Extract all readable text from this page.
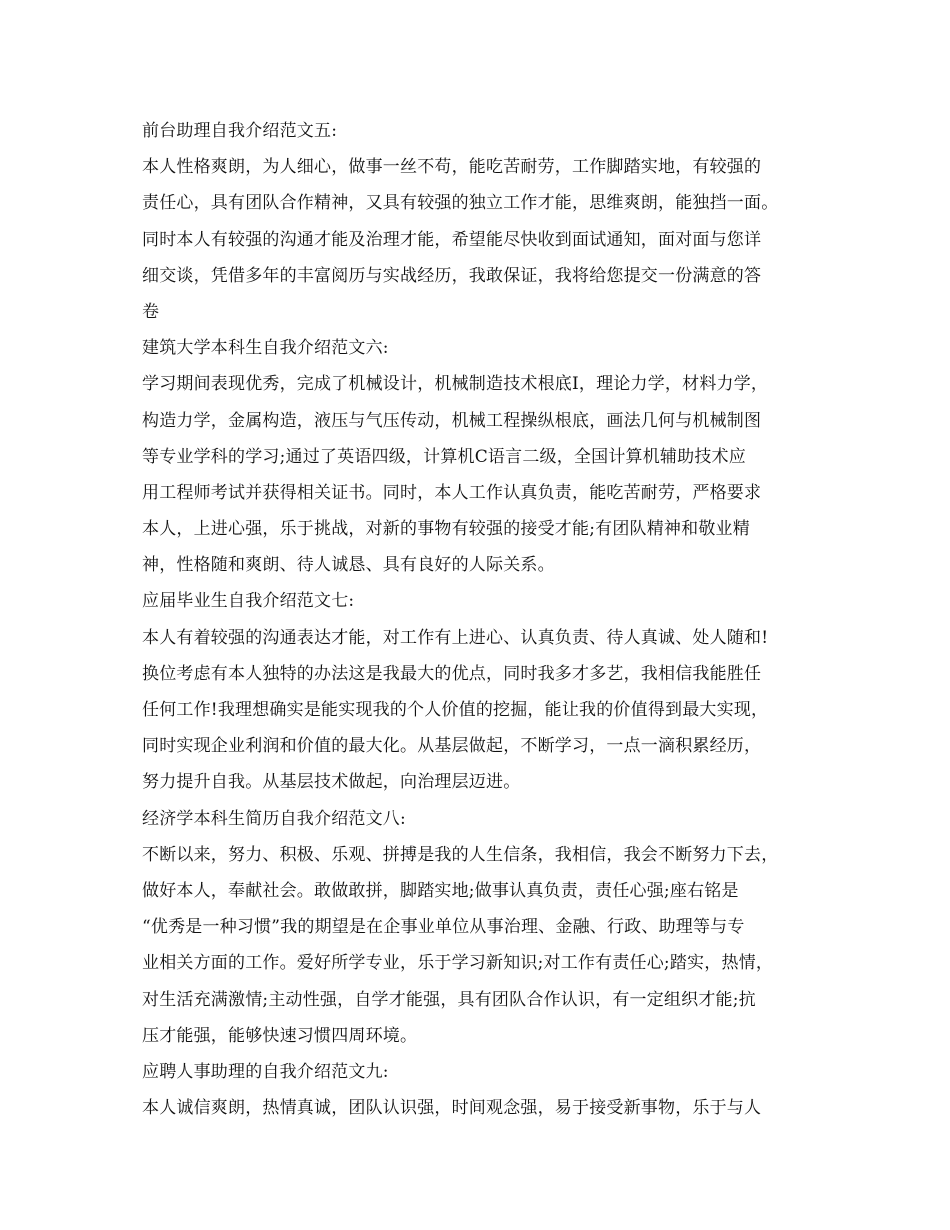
前台助理自我介绍范文五:
本人性格爽朗，为人细心，做事一丝不苟，能吃苦耐劳，工作脚踏实地，有较强的
责任心，具有团队合作精神，又具有较强的独立工作才能，思维爽朗，能独挡一面。
同时本人有较强的沟通才能及治理才能，希望能尽快收到面试通知，面对面与您详
细交谈，凭借多年的丰富阅历与实战经历，我敢保证，我将给您提交一份满意的答
卷
建筑大学本科生自我介绍范文六:
学习期间表现优秀，完成了机械设计，机械制造技术根底Ⅰ，理论力学，材料力学，
构造力学，金属构造，液压与气压传动，机械工程操纵根底，画法几何与机械制图
等专业学科的学习;通过了英语四级，计算机C语言二级，全国计算机辅助技术应
用工程师考试并获得相关证书。同时，本人工作认真负责，能吃苦耐劳，严格要求
本人，上进心强，乐于挑战，对新的事物有较强的接受才能;有团队精神和敬业精
神，性格随和爽朗、待人诚恳、具有良好的人际关系。
应届毕业生自我介绍范文七:
本人有着较强的沟通表达才能，对工作有上进心、认真负责、待人真诚、处人随和!
换位考虑有本人独特的办法这是我最大的优点，同时我多才多艺，我相信我能胜任
任何工作!我理想确实是能实现我的个人价值的挖掘，能让我的价值得到最大实现，
同时实现企业利润和价值的最大化。从基层做起，不断学习，一点一滴积累经历，
努力提升自我。从基层技术做起，向治理层迈进。
经济学本科生简历自我介绍范文八:
不断以来，努力、积极、乐观、拼搏是我的人生信条，我相信，我会不断努力下去，
做好本人，奉献社会。敢做敢拼，脚踏实地;做事认真负责，责任心强;座右铭是
“优秀是一种习惯”我的期望是在企事业单位从事治理、金融、行政、助理等与专
业相关方面的工作。爱好所学专业，乐于学习新知识;对工作有责任心;踏实，热情，
对生活充满激情;主动性强，自学才能强，具有团队合作认识，有一定组织才能;抗
压才能强，能够快速习惯四周环境。
应聘人事助理的自我介绍范文九:
本人诚信爽朗，热情真诚，团队认识强，时间观念强，易于接受新事物，乐于与人
